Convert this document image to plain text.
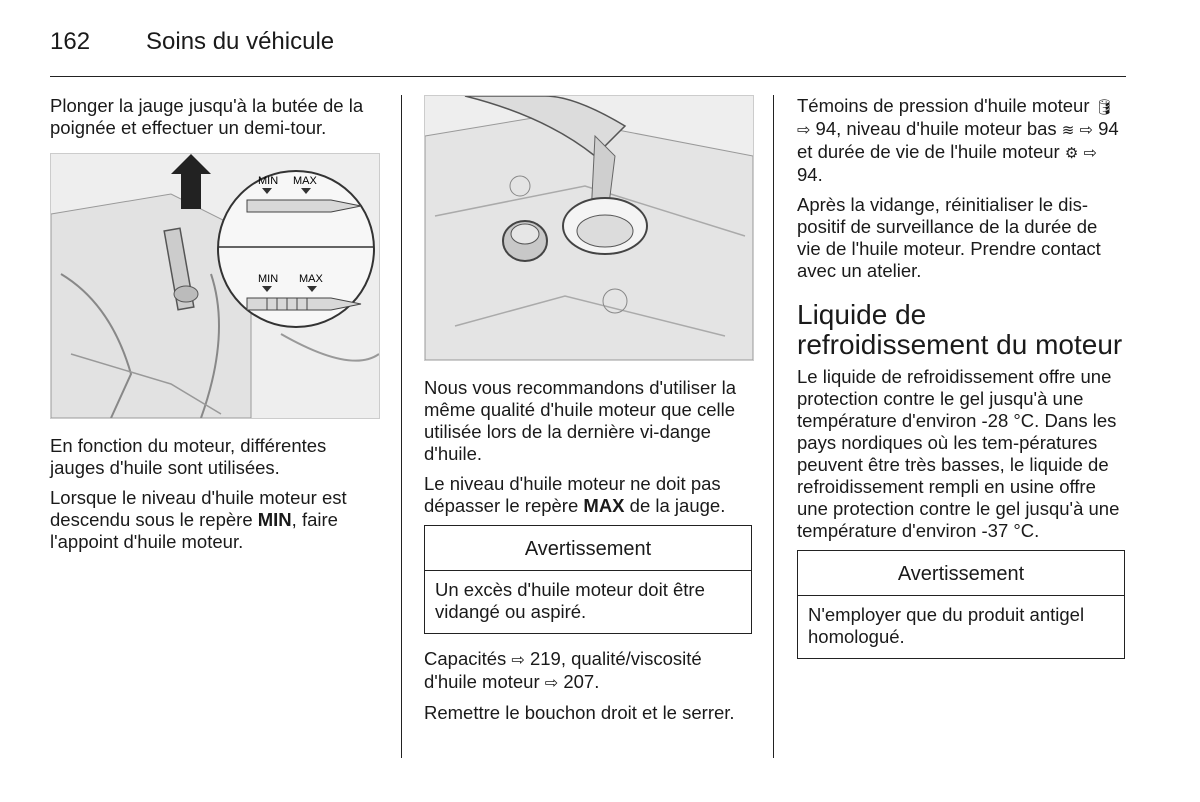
162 Soins du véhicule

Plonger la jauge jusqu'à la butée de la poignée et effectuer un demi-tour.

MIN MAX
MIN MAX

En fonction du moteur, différentes jauges d'huile sont utilisées.

Lorsque le niveau d'huile moteur est descendu sous le repère MIN, faire l'appoint d'huile moteur.

Nous vous recommandons d'utiliser la même qualité d'huile moteur que celle utilisée lors de la dernière vi-dange d'huile.

Le niveau d'huile moteur ne doit pas dépasser le repère MAX de la jauge.

Avertissement
Un excès d'huile moteur doit être vidangé ou aspiré.

Capacités ⇨ 219, qualité/viscosité d'huile moteur ⇨ 207.

Remettre le bouchon droit et le serrer.

Témoins de pression d'huile moteur 🛢⇨ 94, niveau d'huile moteur bas ≋ ⇨ 94 et durée de vie de l'huile moteur ⚙ ⇨ 94.

Après la vidange, réinitialiser le dis-positif de surveillance de la durée de vie de l'huile moteur. Prendre contact avec un atelier.

Liquide de refroidissement du moteur

Le liquide de refroidissement offre une protection contre le gel jusqu'à une température d'environ -28 °C. Dans les pays nordiques où les tem-pératures peuvent être très basses, le liquide de refroidissement rempli en usine offre une protection contre le gel jusqu'à une température d'environ -37 °C.

Avertissement
N'employer que du produit antigel homologué.
